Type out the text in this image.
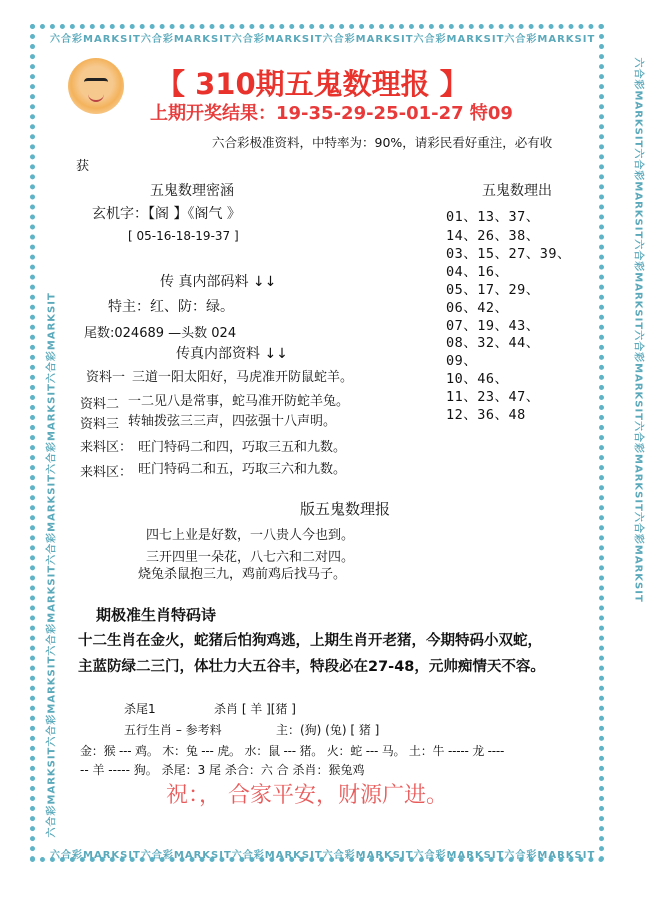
六合彩MARKSIT六合彩MARKSIT六合彩MARKSIT六合彩MARKSIT六合彩MARKSIT六合彩MARKSIT
六合彩MARKSIT六合彩MARKSIT六合彩MARKSIT六合彩MARKSIT六合彩MARKSIT六合彩MARKSIT
六合彩MARKSIT六合彩MARKSIT六合彩MARKSIT六合彩MARKSIT六合彩MARKSIT六合彩MARKSIT	六合彩MARKSIT六合彩MARKSIT六合彩MARKSIT六合彩MARKSIT六合彩MARKSIT六合彩MARKSIT
【 310期五鬼数理报 】
上期开奖结果：19-35-29-25-01-27 特09
六合彩极准资料，中特率为：90%，请彩民看好重注，必有收
获
五鬼数理密涵
玄机字：【阁 】《阁气 》
[ 05-16-18-19-37 ]
传 真内部码料 ↓↓
特主：红、防：绿。
尾数:024689 —头数 024
传真内部资料 ↓↓
资料一 三道一阳太阳好，马虎准开防鼠蛇羊。
资料二 一二见八是常事，蛇马准开防蛇羊兔。
资料三 转轴拨弦三三声，四弦强十八声明。
来料区： 旺门特码二和四，巧取三五和九数。
来料区： 旺门特码二和五，巧取三六和九数。
五鬼数理出
01、13、37、
14、26、38、
03、15、27、39、
04、16、
05、17、29、
06、42、
07、19、43、
08、32、44、
09、
10、46、
11、23、47、
12、36、48
版五鬼数理报
四七上业是好数，一八贵人今也到。
三开四里一朵花，八七六和二对四。
烧兔杀鼠抱三九，鸡前鸡后找马子。
期极准生肖特码诗
十二生肖在金火，蛇猪后怕狗鸡逃，上期生肖开老猪，今期特码小双蛇，
主蓝防绿二三门，体壮力大五谷丰，特段必在27-48，元帅痴情天不容。
杀尾1	杀肖 [ 羊 ][猪 ]
五行生肖 – 参考料	主：(狗) (兔) [ 猪 ]
金：猴 --- 鸡。 木：兔 --- 虎。 水：鼠 --- 猪。 火：蛇 --- 马。 土：牛 ----- 龙 ----
-- 羊 ----- 狗。 杀尾：3 尾 杀合：六 合 杀肖：猴兔鸡
祝：， 合家平安，财源广进。
